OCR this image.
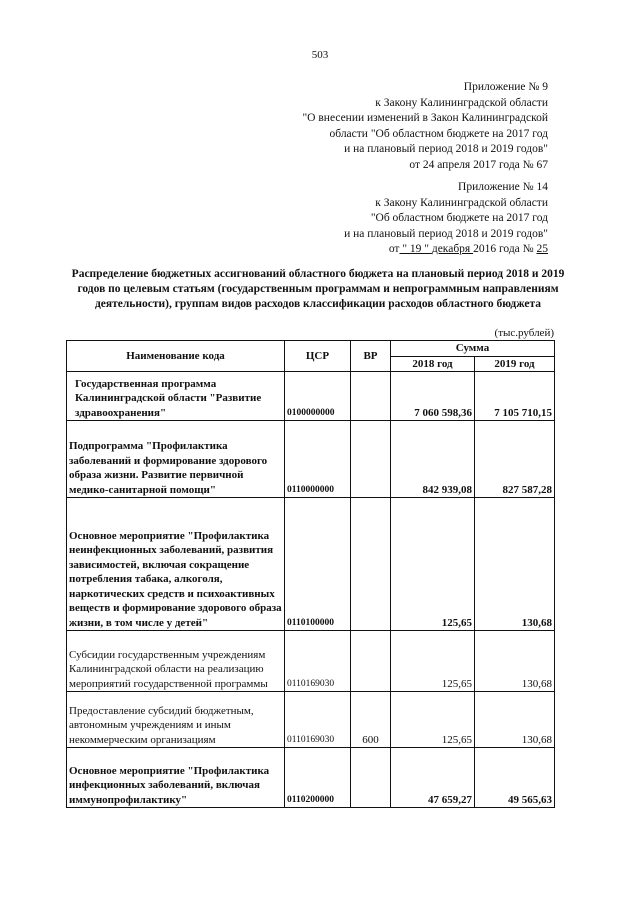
503
Приложение № 9
к Закону Калининградской области
"О внесении изменений в Закон Калининградской
области "Об областном бюджете на 2017 год
и на плановый период 2018 и 2019 годов"
от 24 апреля 2017 года № 67
Приложение № 14
к Закону Калининградской области
"Об областном бюджете на 2017 год
и на плановый период 2018 и 2019 годов"
от " 19 " декабря 2016 года № 25
Распределение бюджетных ассигнований областного бюджета на плановый период 2018 и 2019 годов по целевым статьям (государственным программам и непрограммным направлениям деятельности), группам видов расходов классификации расходов областного бюджета
(тыс.рублей)
Наименование кода	ЦСР	ВР	Сумма	
			2018 год	2019 год
Государственная программа Калининградской области "Развитие здравоохранения"	0100000000		7 060 598,36	7 105 710,15
Подпрограмма "Профилактика заболеваний и формирование здорового образа жизни. Развитие первичной медико-санитарной помощи"	0110000000		842 939,08	827 587,28
Основное мероприятие "Профилактика неинфекционных заболеваний, развития зависимостей, включая сокращение потребления табака, алкоголя, наркотических средств и психоактивных веществ и формирование здорового образа жизни, в том числе у детей"	0110100000		125,65	130,68
Субсидии государственным учреждениям Калининградской области на реализацию мероприятий государственной программы	0110169030		125,65	130,68
Предоставление субсидий бюджетным, автономным учреждениям и иным некоммерческим организациям	0110169030	600	125,65	130,68
Основное мероприятие "Профилактика инфекционных заболеваний, включая иммунопрофилактику"	0110200000		47 659,27	49 565,63
